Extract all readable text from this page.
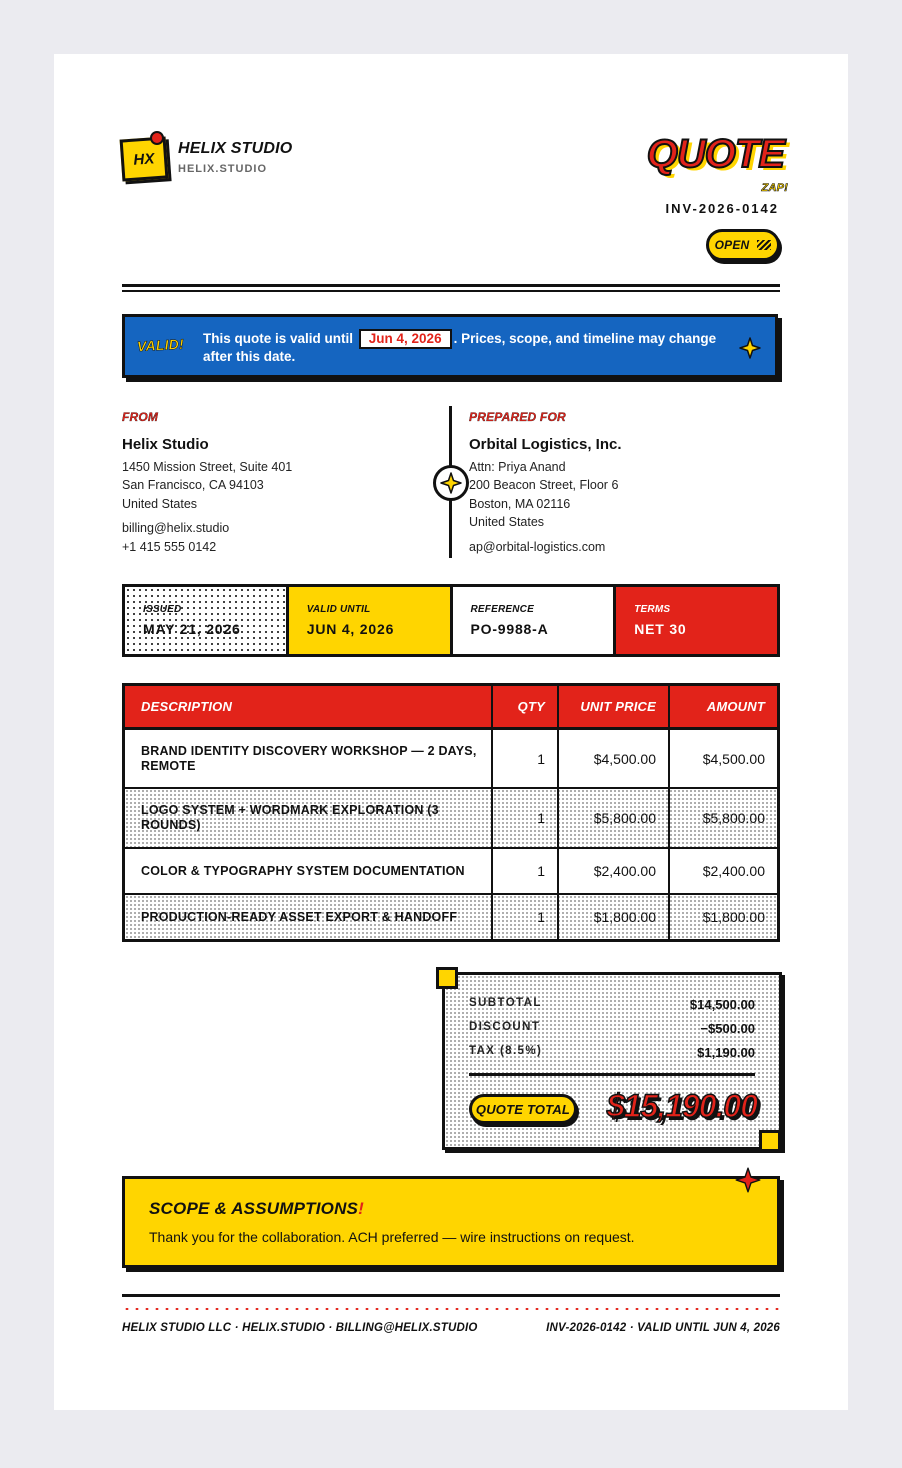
HX
HELIX STUDIO
HELIX.STUDIO	QUOTE
ZAP!
INV-2026-0142
OPEN
VALID! This quote is valid until Jun 4, 2026 . Prices, scope, and timeline may change after this date.
FROM
Helix Studio
1450 Mission Street, Suite 401
San Francisco, CA 94103
United States
billing@helix.studio
+1 415 555 0142
PREPARED FOR
Orbital Logistics, Inc.
Attn: Priya Anand
200 Beacon Street, Floor 6
Boston, MA 02116
United States
ap@orbital-logistics.com
ISSUED
MAY 21, 2026
VALID UNTIL
JUN 4, 2026
REFERENCE
PO-9988-A
TERMS
NET 30
DESCRIPTION	QTY	UNIT PRICE	AMOUNT
BRAND IDENTITY DISCOVERY WORKSHOP — 2 DAYS, REMOTE	1	$4,500.00	$4,500.00
LOGO SYSTEM + WORDMARK EXPLORATION (3 ROUNDS)	1	$5,800.00	$5,800.00
COLOR & TYPOGRAPHY SYSTEM DOCUMENTATION	1	$2,400.00	$2,400.00
PRODUCTION-READY ASSET EXPORT & HANDOFF	1	$1,800.00	$1,800.00
SUBTOTAL	$14,500.00
DISCOUNT	−$500.00
TAX (8.5%)	$1,190.00
QUOTE TOTAL $15,190.00
SCOPE & ASSUMPTIONS!
Thank you for the collaboration. ACH preferred — wire instructions on request.
HELIX STUDIO LLC · HELIX.STUDIO · BILLING@HELIX.STUDIO	INV-2026-0142 · VALID UNTIL JUN 4, 2026
